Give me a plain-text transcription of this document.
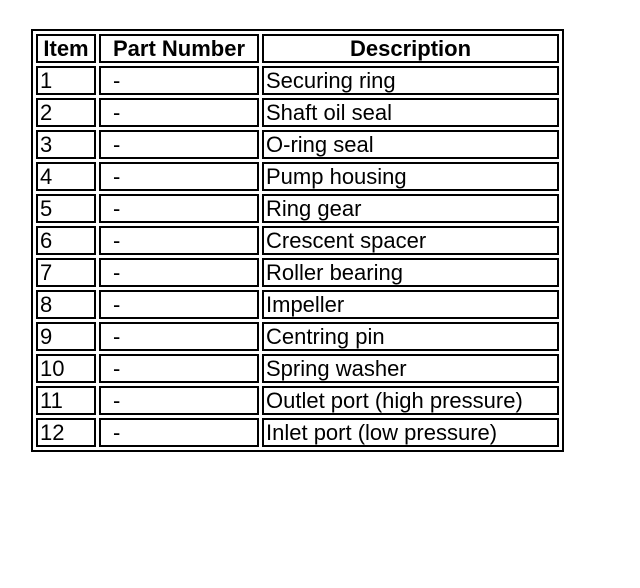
Item	Part Number	Description
1	-	Securing ring
2	-	Shaft oil seal
3	-	O-ring seal
4	-	Pump housing
5	-	Ring gear
6	-	Crescent spacer
7	-	Roller bearing
8	-	Impeller
9	-	Centring pin
10	-	Spring washer
11	-	Outlet port (high pressure)
12	-	Inlet port (low pressure)
